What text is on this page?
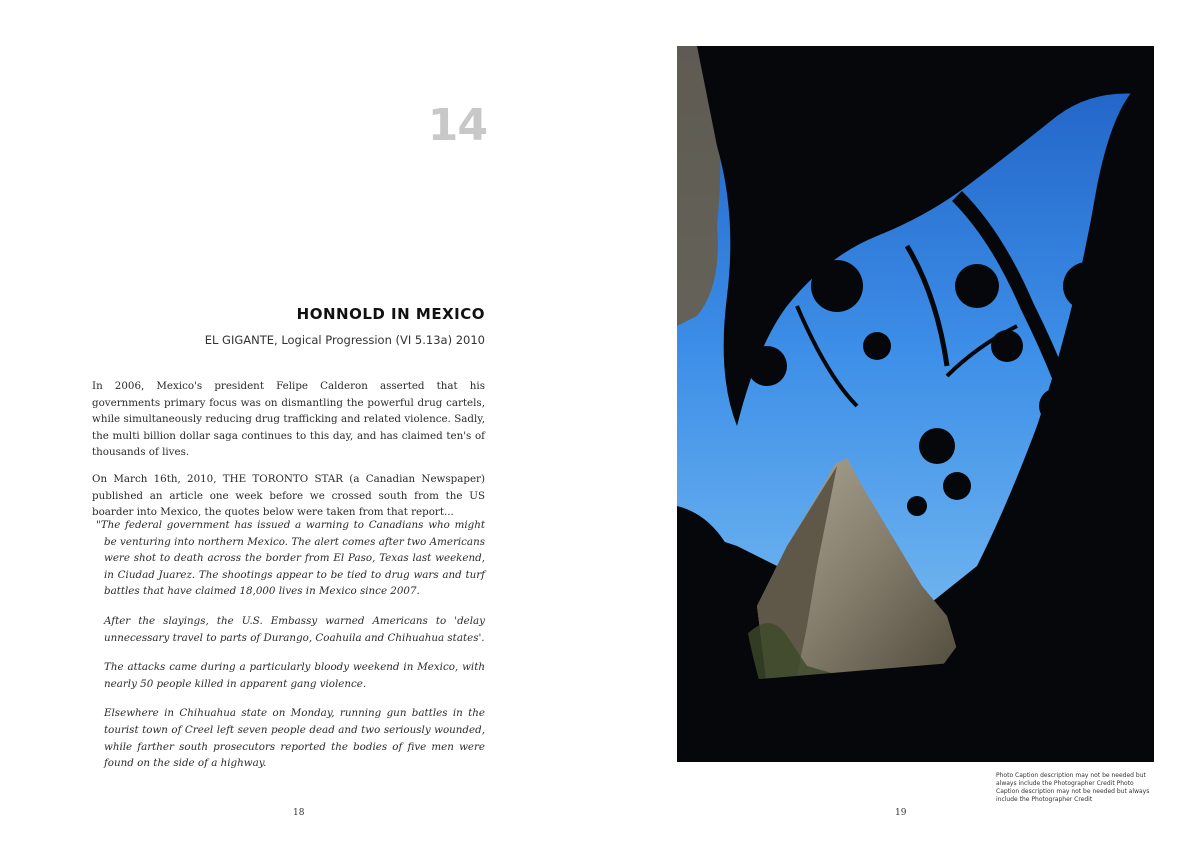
14
HONNOLD IN MEXICO
EL GIGANTE, Logical Progression (VI 5.13a) 2010

In 2006, Mexico's president Felipe Calderon asserted that his governments primary focus was on dismantling the powerful drug cartels, while simultaneously reducing drug trafficking and related violence. Sadly, the multi billion dollar saga continues to this day, and has claimed ten's of thousands of lives.

On March 16th, 2010, THE TORONTO STAR (a Canadian Newspaper) published an article one week before we crossed south from the US boarder into Mexico, the quotes below were taken from that report...

"The federal government has issued a warning to Canadians who might be venturing into northern Mexico. The alert comes after two Americans were shot to death across the border from El Paso, Texas last weekend, in Ciudad Juarez. The shootings appear to be tied to drug wars and turf battles that have claimed 18,000 lives in Mexico since 2007.

After the slayings, the U.S. Embassy warned Americans to 'delay unnecessary travel to parts of Durango, Coahuila and Chihuahua states'.

The attacks came during a particularly bloody weekend in Mexico, with nearly 50 people killed in apparent gang violence.

Elsewhere in Chihuahua state on Monday, running gun battles in the tourist town of Creel left seven people dead and two seriously wounded, while farther south prosecutors reported the bodies of five men were found on the side of a highway.

18
Photo Caption description may not be needed but always include the Photographer Credit Photo Caption description may not be needed but always include the Photographer Credit
19
